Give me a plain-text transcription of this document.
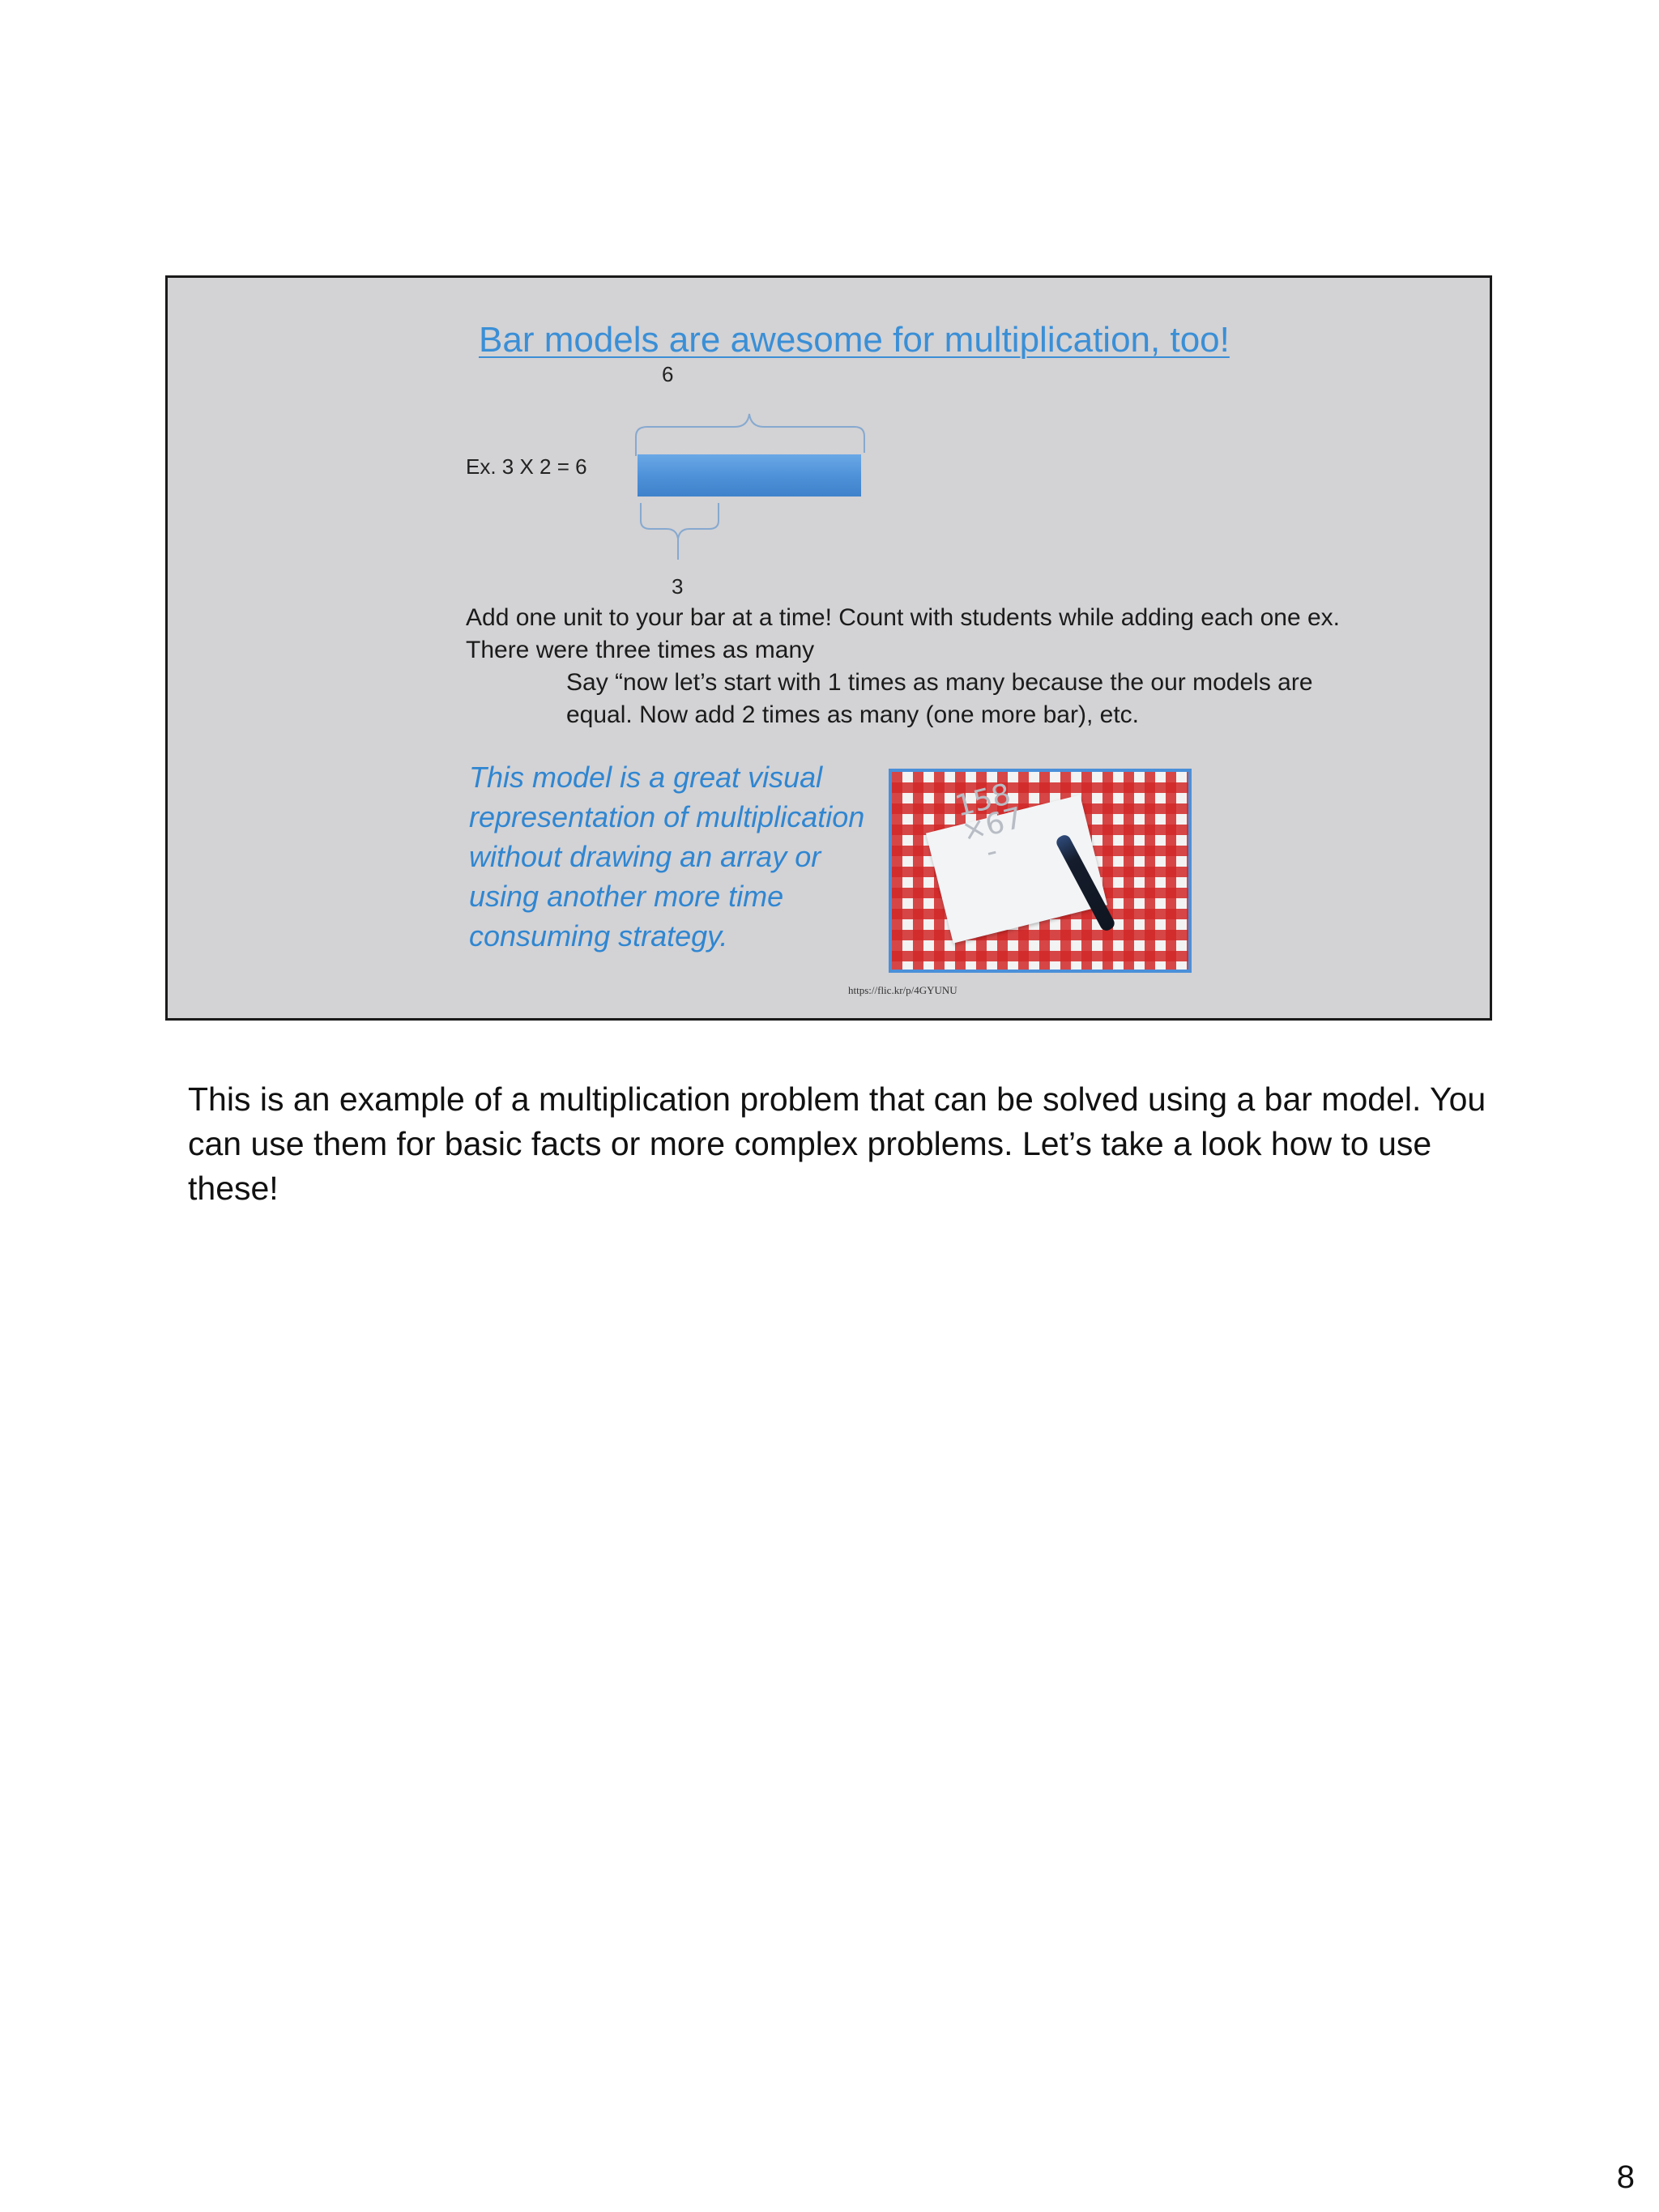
Bar models are awesome for multiplication, too!
6
Ex. 3 X 2 = 6
3
Add one unit to your bar at a time! Count with students while adding each one ex. There were three times as many
Say “now let’s start with 1 times as many because the our models are equal. Now add 2 times as many (one more bar), etc.
This model is a great visual representation of multiplication without drawing an array or using another more time consuming strategy.
158
×67
-
https://flic.kr/p/4GYUNU
This is an example of a multiplication problem that can be solved using a bar model. You can use them for basic facts or more complex problems. Let’s take a look how to use these!
8
